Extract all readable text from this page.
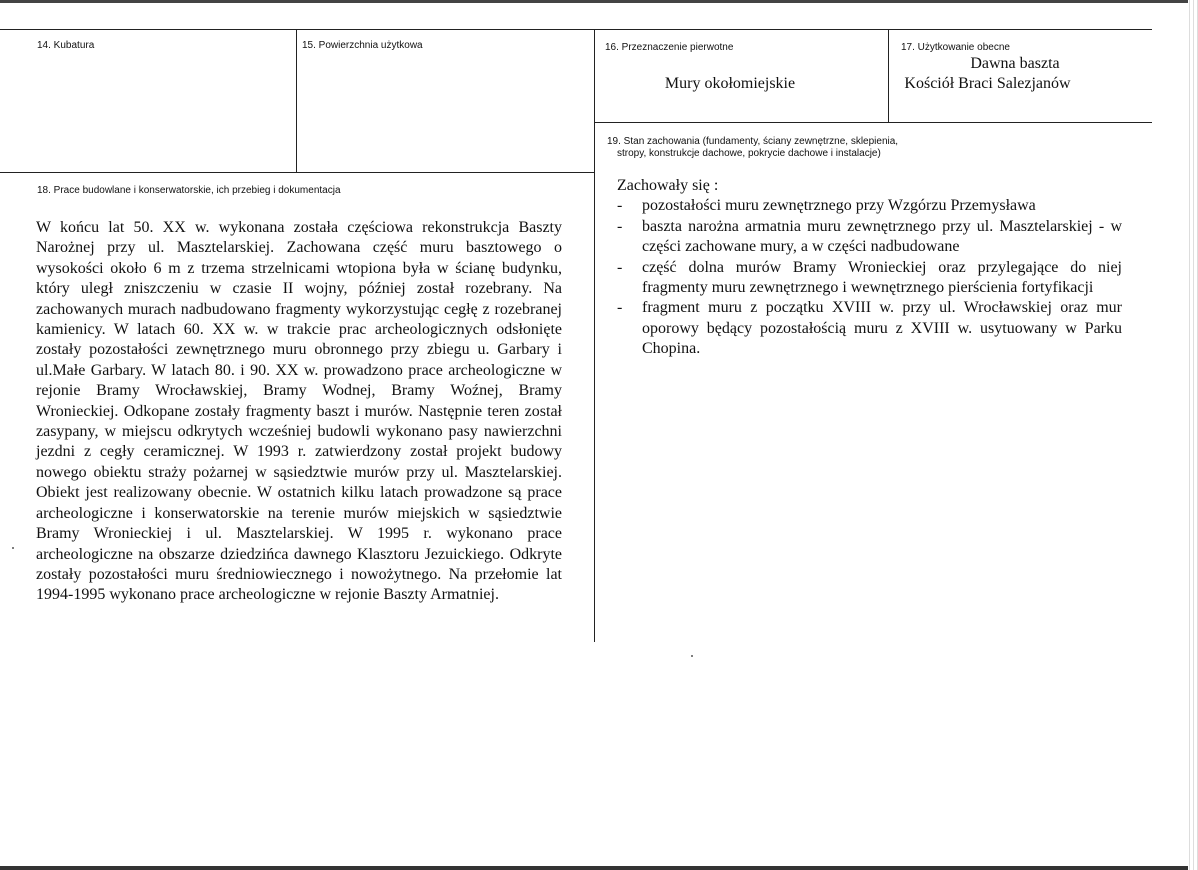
14. Kubatura	15. Powierzchnia użytkowa	16. Przeznaczenie pierwotne
Mury okołomiejskie
17. Użytkowanie obecne
Dawna baszta
Kościół Braci Salezjanów
18. Prace budowlane i konserwatorskie, ich przebieg i dokumentacja

W końcu lat 50. XX w. wykonana została częściowa rekonstrukcja Baszty Narożnej przy ul. Masztelarskiej. Zachowana część muru basztowego o wysokości około 6 m z trzema strzelnicami wtopiona była w ścianę budynku, który uległ zniszczeniu w czasie II wojny, później został rozebrany. Na zachowanych murach nadbudowano fragmenty wykorzystując cegłę z rozebranej kamienicy. W latach 60. XX w. w trakcie prac archeologicznych odsłonięte zostały pozostałości zewnętrznego muru obronnego przy zbiegu u. Garbary i ul.Małe Garbary. W latach 80. i 90. XX w. prowadzono prace archeologiczne w rejonie Bramy Wrocławskiej, Bramy Wodnej, Bramy Woźnej, Bramy Wronieckiej. Odkopane zostały fragmenty baszt i murów. Następnie teren został zasypany, w miejscu odkrytych wcześniej budowli wykonano pasy nawierzchni jezdni z cegły ceramicznej. W 1993 r. zatwierdzony został projekt budowy nowego obiektu straży pożarnej w sąsiedztwie murów przy ul. Masztelarskiej. Obiekt jest realizowany obecnie. W ostatnich kilku latach prowadzone są prace archeologiczne i konserwatorskie na terenie murów miejskich w sąsiedztwie Bramy Wronieckiej i ul. Masztelarskiej. W 1995 r. wykonano prace archeologiczne na obszarze dziedzińca dawnego Klasztoru Jezuickiego. Odkryte zostały pozostałości muru średniowiecznego i nowożytnego. Na przełomie lat 1994-1995 wykonano prace archeologiczne w rejonie Baszty Armatniej.

19. Stan zachowania (fundamenty, ściany zewnętrzne, sklepienia,
stropy, konstrukcje dachowe, pokrycie dachowe i instalacje)

Zachowały się :

- pozostałości muru zewnętrznego przy Wzgórzu Przemysława
- baszta narożna armatnia muru zewnętrznego przy ul. Masztelarskiej - w części zachowane mury, a w części nadbudowane
- część dolna murów Bramy Wronieckiej oraz przylegające do niej fragmenty muru zewnętrznego i wewnętrznego pierścienia fortyfikacji
- fragment muru z początku XVIII w. przy ul. Wrocławskiej oraz mur oporowy będący pozostałością muru z XVIII w. usytuowany w Parku Chopina.
